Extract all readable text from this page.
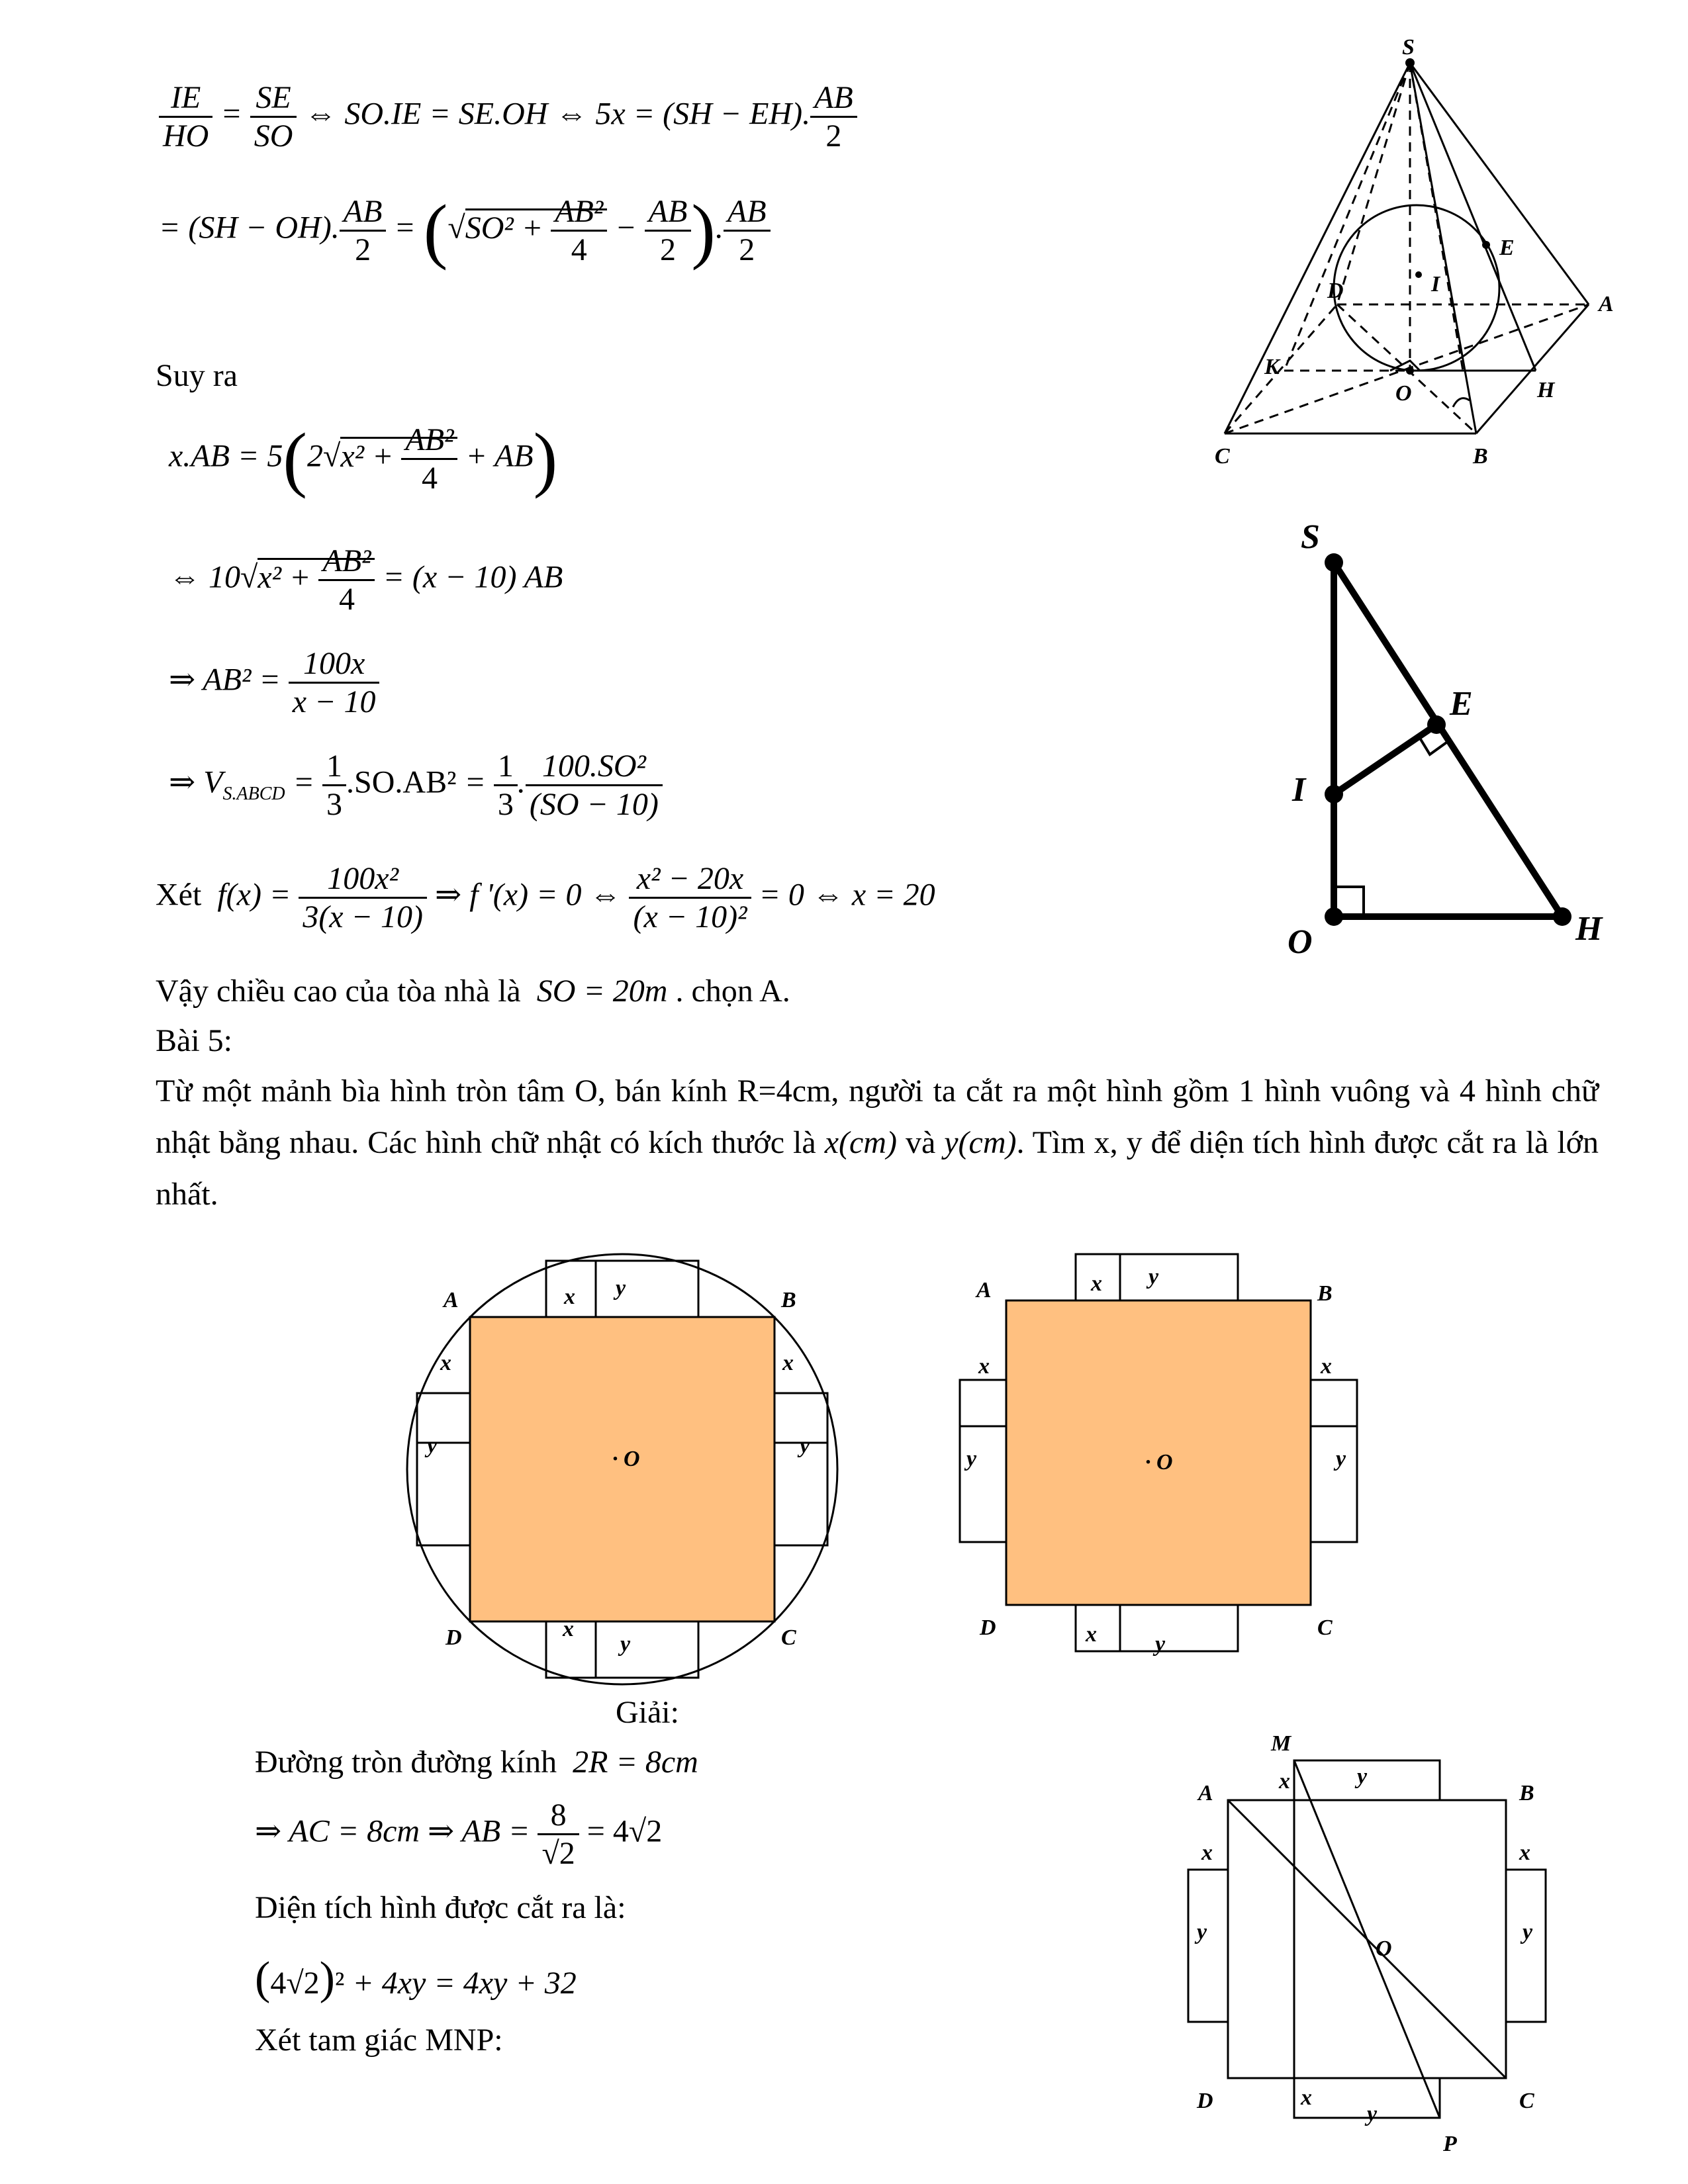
$\frac{IE}{HO} = \frac{SE}{SO}$ ⇔ SO.IE = SE.OH ⇔ 5x = (SH − EH). $\frac{AB}{2}$
= (SH − OH). $\frac{AB}{2} = (√SO^2 + \frac{\text{AB²}}{4} - \frac{AB}{2}$ ). $\frac{AB}{2}$
Suy ra
$x.AB = 5(2√x^2 + \frac{\text{AB²}}{4} + AB)$
⇔ $10√x^2 + \frac{\text{AB²}}{4} = (x - 10)$ AB
⇒ $AB^2 = \frac{100x}{x - 10}$
⇒ $V_{S.ABCD} = \frac{1}{3} .SO.AB^2 = \frac{1}{3}$ . $\frac{\text{100.SO²}}{(SO - 10)}$
Xét  $f(x) = \frac{\text{100x²}}{3(x - 10)}$ ⇒ f '(x) = 0 ⇔ $\frac{\text{x² − 20x}}{\text{(x − 10)²}} = 0$ ⇔ x = 20
Vậy chiều cao của tòa nhà là SO = 20m . chọn A.
Bài 5:
Từ một mảnh bìa hình tròn tâm O, bán kính R=4cm, người ta cắt ra một hình gồm 1 hình vuông và 4 hình chữ nhật bằng nhau. Các hình chữ nhật có kích thước là x(cm) và y(cm). Tìm x, y để diện tích hình được cắt ra là lớn nhất.
S
A
B
C
D
E
H
I
K
O
S
E
I
O	H
A	B
D	C
x y
x
y
x	x
y	y
· O
A	B
D	C
x y
x	y
x	x
y	y
· O
Giải:
Đường tròn đường kính 2R = 8cm
⇒ AC = 8cm ⇒ AB = $\frac{8}{√2} = 4√2$
Diện tích hình được cắt ra là:
(4√2)² + 4xy = 4xy + 32
Xét tam giác MNP:
M
A	B
D	C
P
O
x	y
x
y
x	x
y	y
